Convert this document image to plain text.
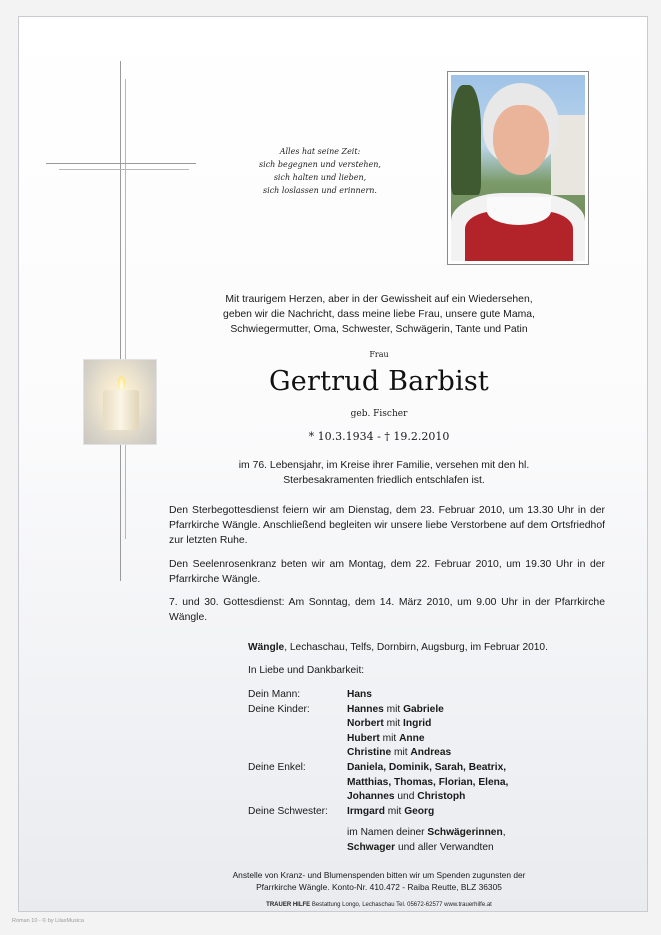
Alles hat seine Zeit:
sich begegnen und verstehen,
sich halten und lieben,
sich loslassen und erinnern.
Mit traurigem Herzen, aber in der Gewissheit auf ein Wiedersehen,
geben wir die Nachricht, dass meine liebe Frau, unsere gute Mama,
Schwiegermutter, Oma, Schwester, Schwägerin, Tante und Patin
Frau
Gertrud Barbist
geb. Fischer
* 10.3.1934 - † 19.2.2010
im 76. Lebensjahr, im Kreise ihrer Familie, versehen mit den hl.
Sterbesakramenten friedlich entschlafen ist.
Den Sterbegottesdienst feiern wir am Dienstag, dem 23. Februar 2010, um 13.30 Uhr in der Pfarrkirche Wängle. Anschließend begleiten wir unsere liebe Verstorbene auf dem Ortsfriedhof zur letzten Ruhe.
Den Seelenrosenkranz beten wir am Montag, dem 22. Februar 2010, um 19.30 Uhr in der Pfarrkirche Wängle.
7. und 30. Gottesdienst: Am Sonntag, dem 14. März 2010, um 9.00 Uhr in der Pfarrkirche Wängle.
Wängle, Lechaschau, Telfs, Dornbirn, Augsburg, im Februar 2010.
In Liebe und Dankbarkeit:
Dein Mann:	Hans
Deine Kinder:	Hannes mit Gabriele
Norbert mit Ingrid
Hubert mit Anne
Christine mit Andreas
Deine Enkel:	Daniela, Dominik, Sarah, Beatrix,
Matthias, Thomas, Florian, Elena,
Johannes und Christoph
Deine Schwester:	Irmgard mit Georg
im Namen deiner Schwägerinnen,
Schwager und aller Verwandten
Anstelle von Kranz- und Blumenspenden bitten wir um Spenden zugunsten der
Pfarrkirche Wängle. Konto-Nr. 410.472 - Raiba Reutte, BLZ 36305
TRAUER HILFE Bestattung Longo, Lechaschau Tel. 05672-62577 www.trauerhilfe.at
Roman 10 - © by LilaxMusica
